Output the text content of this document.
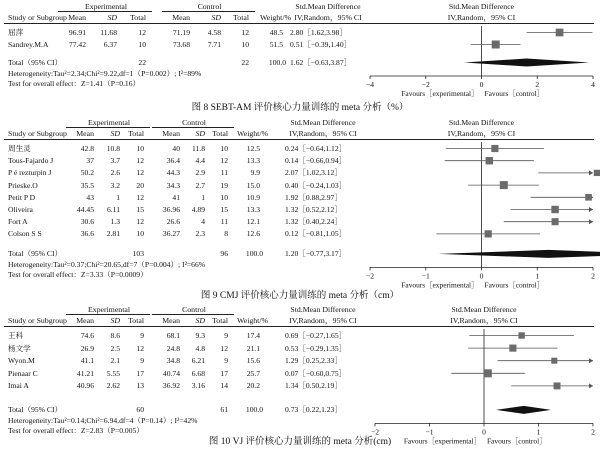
Experimental	Control	Std.Mean Difference	Std.Mean Difference
Study or Subgroup Mean	SD	Total	Mean	SD	Total	Weight/% IV,Random，95% CI	IV,Random，95% CI
屈萍	96.91	11.68	12	71.19	4.58	12	48.5 2.80［1.62,3.98］
Sandrey.M.A	77.42	6.37	10	73.68	7.71	10	51.5 0.51［−0.39,1.40］
Total（95% CI）	22	22	100.0 1.62［−0.63,3.87］
Heterogeneity:Tau²=2.34;Chi²=9.22,df=1（P=0.002）; I²=89%
Test for overall effect：Z=1.41（P=0.16）	−4	−2	0	2	4
Favours［experimental］ Favours［control］
图 8 SEBT-AM 评价核心力量训练的 meta 分析（%）
Experimental	Control	Std.Mean Difference	Std.Mean Difference
Study or Subgroup	Mean	SD	Total	Mean	SD Total	Weight/%	IV,Random，95% CI	IV,Random，95% CI
周生灵	42.8	10.8	10	40	11.8	10	12.5	0.24［−0.64,1.12］
Tous-Fajardo J	37	3.7	12	36.4	4.4	12	13.3	0.14［−0.66,0.94］
P é rezturpin J	50.2	2.6	12	44.3	2.9	11	9.9	2.07［1.02,3.12］
Prieske.O	35.5	3.2	20	34.3	2.7	19	15.0	0.40［−0.24,1.03］
Petit P D	43	1	12	41	1	10	10.9	1.92［0.88,2.97］
Oliveira	44.45	6.11	15	36.96	4.89	15	13.3	1.32［0.52,2.12］
Fort A	30.6	1.3	12	26.6	4	11	12.1	1.32［0.40,2.24］
Colson S S	36.6	2.81	10	36.27	2.3	8	12.6	0.12［−0.81,1.05］
Total（95% CI）	103	96	100.0	1.20［−0.77,3.17］
Heterogeneity:Tau²=0.37;Chi²=20.65,df=7（P=0.004）; I²=66%
Test for overall effect：Z=3.33（P=0.0009）	−2	−1	0	1	2
Favours［experimental］ Favours［control］
图 9 CMJ 评价核心力量训练的 meta 分析（cm）
Experimental	Control	Std.Mean Difference	Std.Mean Difference
Study or Subgroup	Mean	SD	Total	Mean	SD Total	Weight/%	IV,Random，95% CI	IV,Random，95% CI
王科	74.6	8.6	9	68.1	9.3	9	17.4	0.69［−0.27,1.65］
杨文学	26.9	2.5	12	24.8	4.8	12	21.1	0.53［−0.29,1.35］
Wyon.M	41.1	2.1	9	34.8	6.21	9	15.6	1.29［0.25,2.33］
Pienaar C	41.21	5.55	17	40.74	6.68	17	25.7	0.07［−0.60,0.75］
Imai A	40.96	2.62	13	36.92	3.16	14	20.2	1.34［0.50,2.19］
Total（95% CI）	60	61	100.0	0.73［0.22,1.23］
Heterogeneity:Tau²=0.14;Chi²=6.94,df=4（P=0.14）; I²=42%
Test for overall effect：Z=2.83（P=0.005）	−2	−1	0	1	2
Favours［experimental］ Favours［control］
图 10 VJ 评价核心力量训练的 meta 分析(cm)
